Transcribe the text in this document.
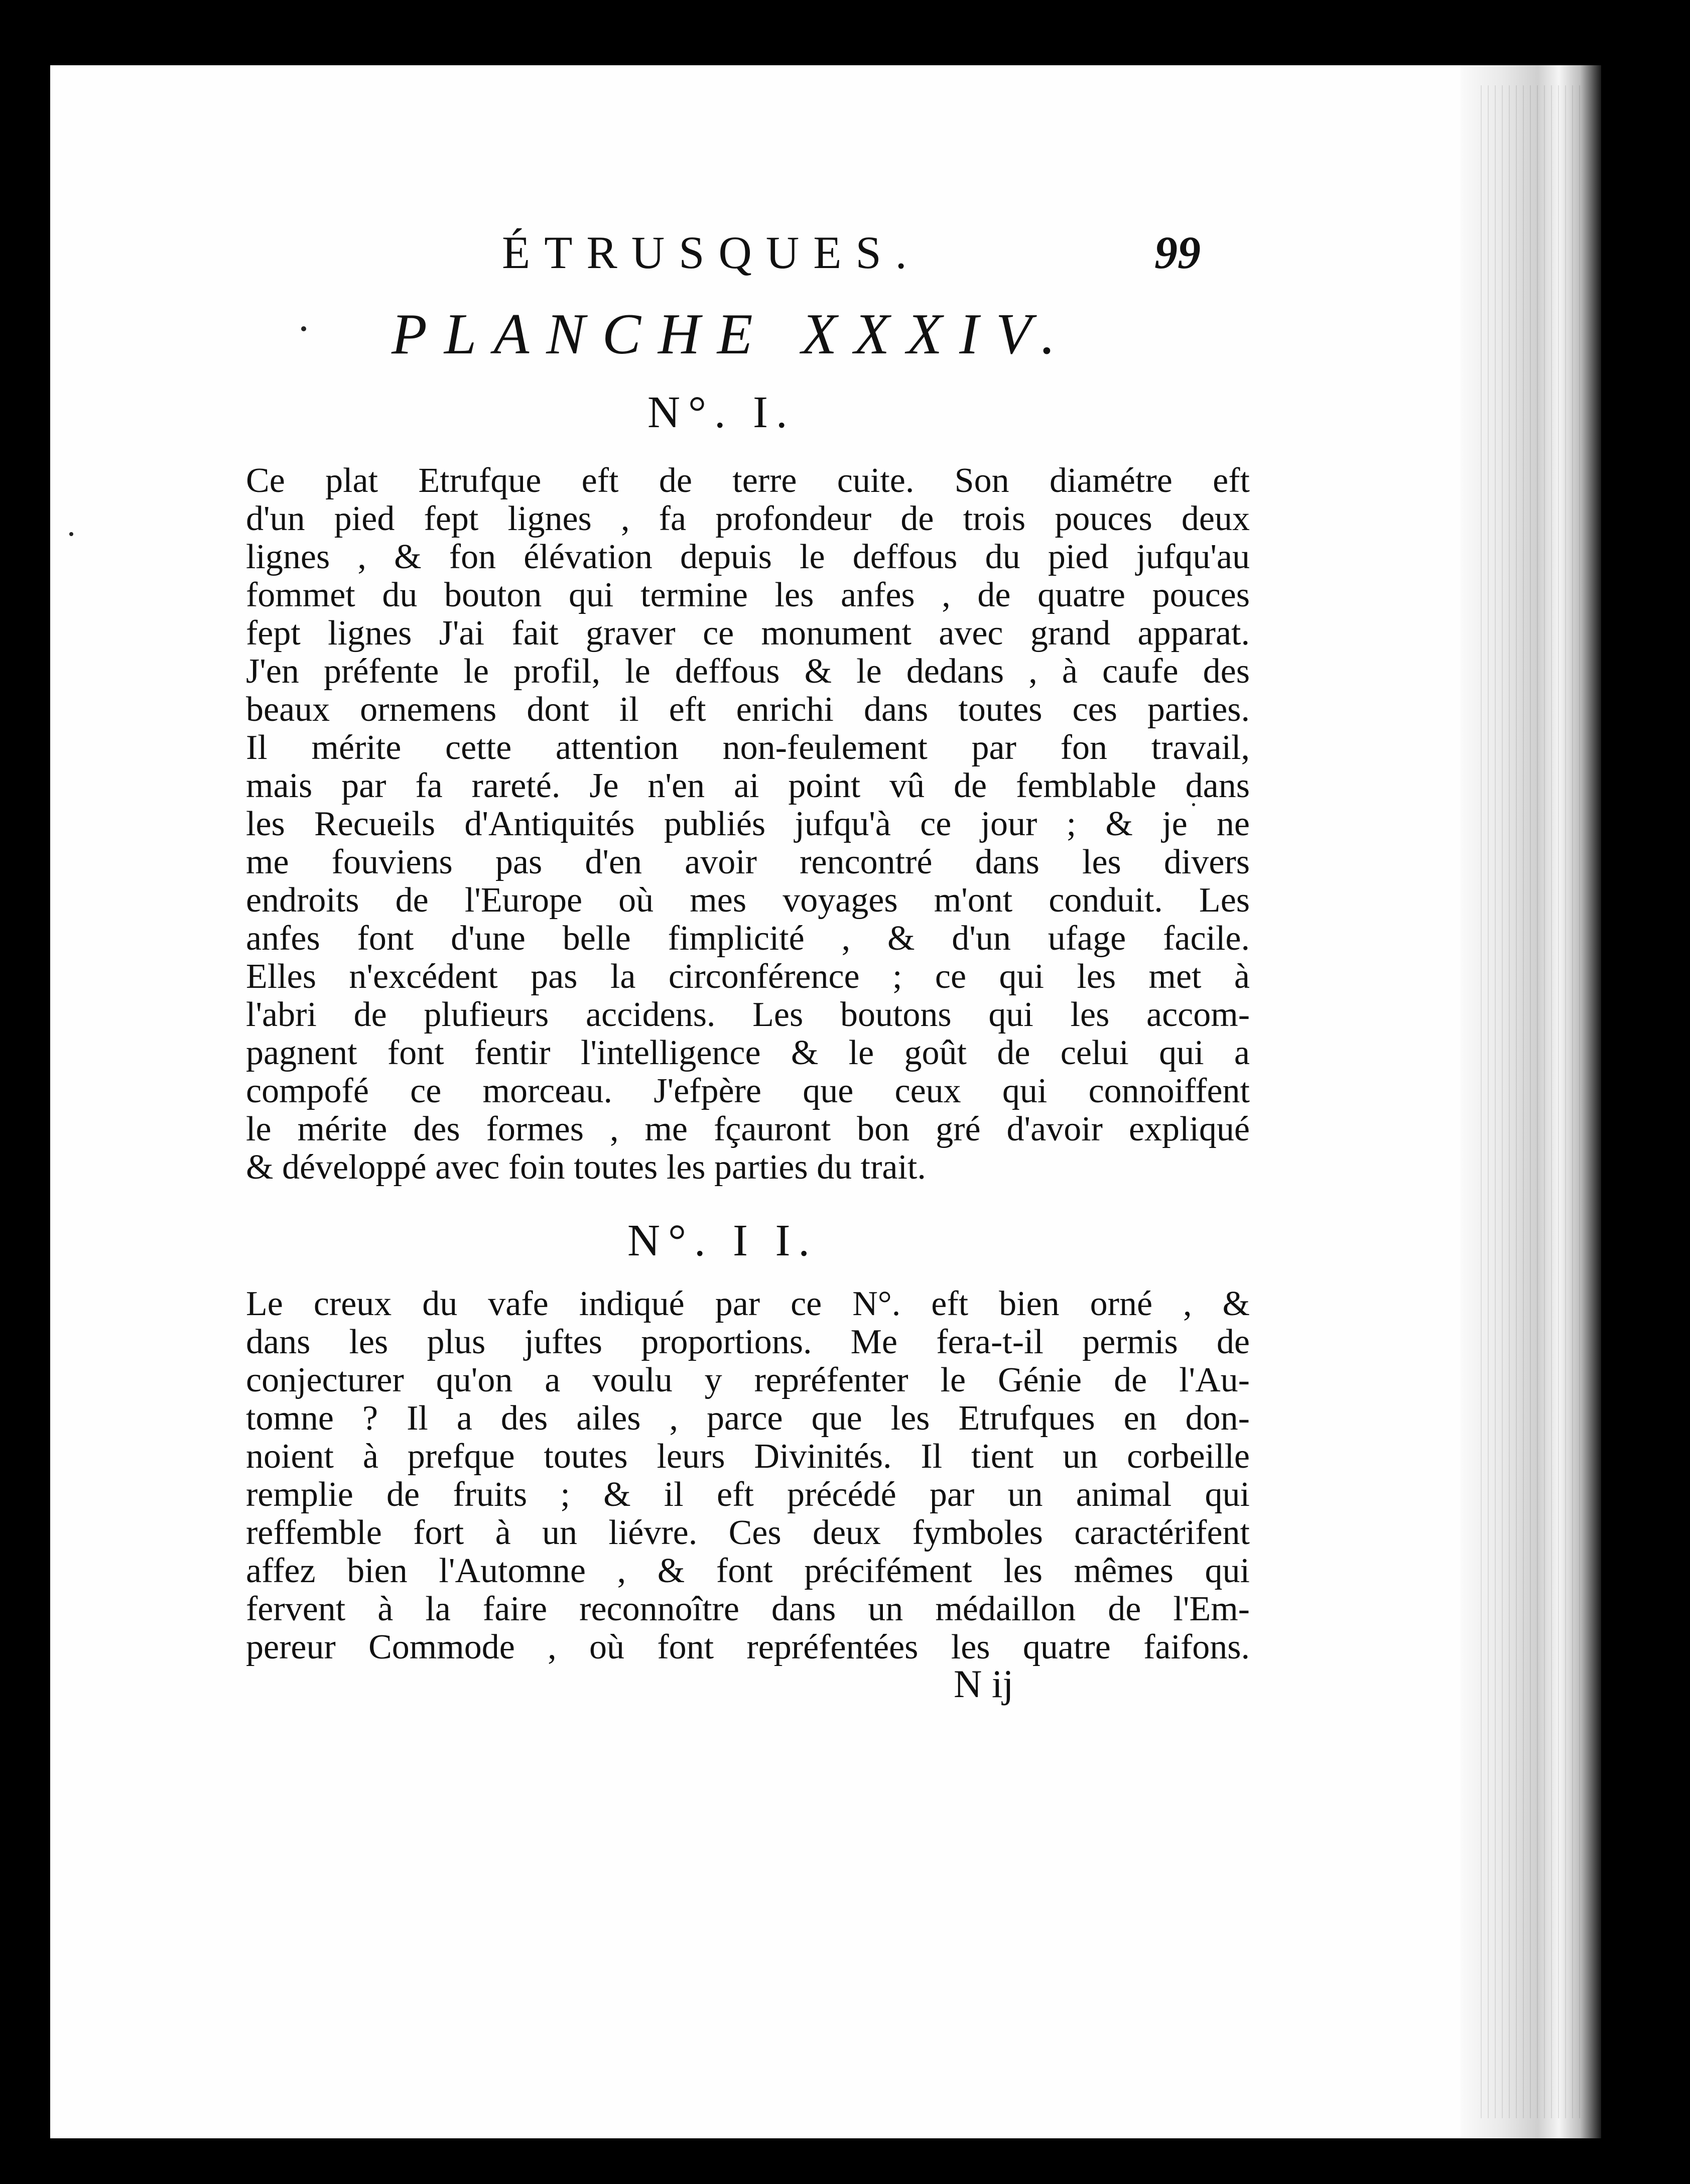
ÉTRUSQUES.	99
PLANCHE XXXIV.
N°. I.
Ce plat Etrufque eft de terre cuite. Son diamétre eft
d'un pied fept lignes , fa profondeur de trois pouces deux
lignes , & fon élévation depuis le deffous du pied jufqu'au
fommet du bouton qui termine les anfes , de quatre pouces
fept lignes J'ai fait graver ce monument avec grand apparat.
J'en préfente le profil, le deffous & le dedans , à caufe des
beaux ornemens dont il eft enrichi dans toutes ces parties.
Il mérite cette attention non-feulement par fon travail,
mais par fa rareté. Je n'en ai point vû de femblable dans
les Recueils d'Antiquités publiés jufqu'à ce jour ; & je ne
me fouviens pas d'en avoir rencontré dans les divers
endroits de l'Europe où mes voyages m'ont conduit. Les
anfes font d'une belle fimplicité , & d'un ufage facile.
Elles n'excédent pas la circonférence ; ce qui les met à
l'abri de plufieurs accidens. Les boutons qui les accom-
pagnent font fentir l'intelligence & le goût de celui qui a
compofé ce morceau. J'efpère que ceux qui connoiffent
le mérite des formes , me fçauront bon gré d'avoir expliqué
& développé avec foin toutes les parties du trait.
N°. I I.
Le creux du vafe indiqué par ce N°. eft bien orné , &
dans les plus juftes proportions. Me fera-t-il permis de
conjecturer qu'on a voulu y repréfenter le Génie de l'Au-
tomne ? Il a des ailes , parce que les Etrufques en don-
noient à prefque toutes leurs Divinités. Il tient un corbeille
remplie de fruits ; & il eft précédé par un animal qui
reffemble fort à un liévre. Ces deux fymboles caractérifent
affez bien l'Automne , & font précifément les mêmes qui
fervent à la faire reconnoître dans un médaillon de l'Em-
pereur Commode , où font repréfentées les quatre faifons.
N ij
